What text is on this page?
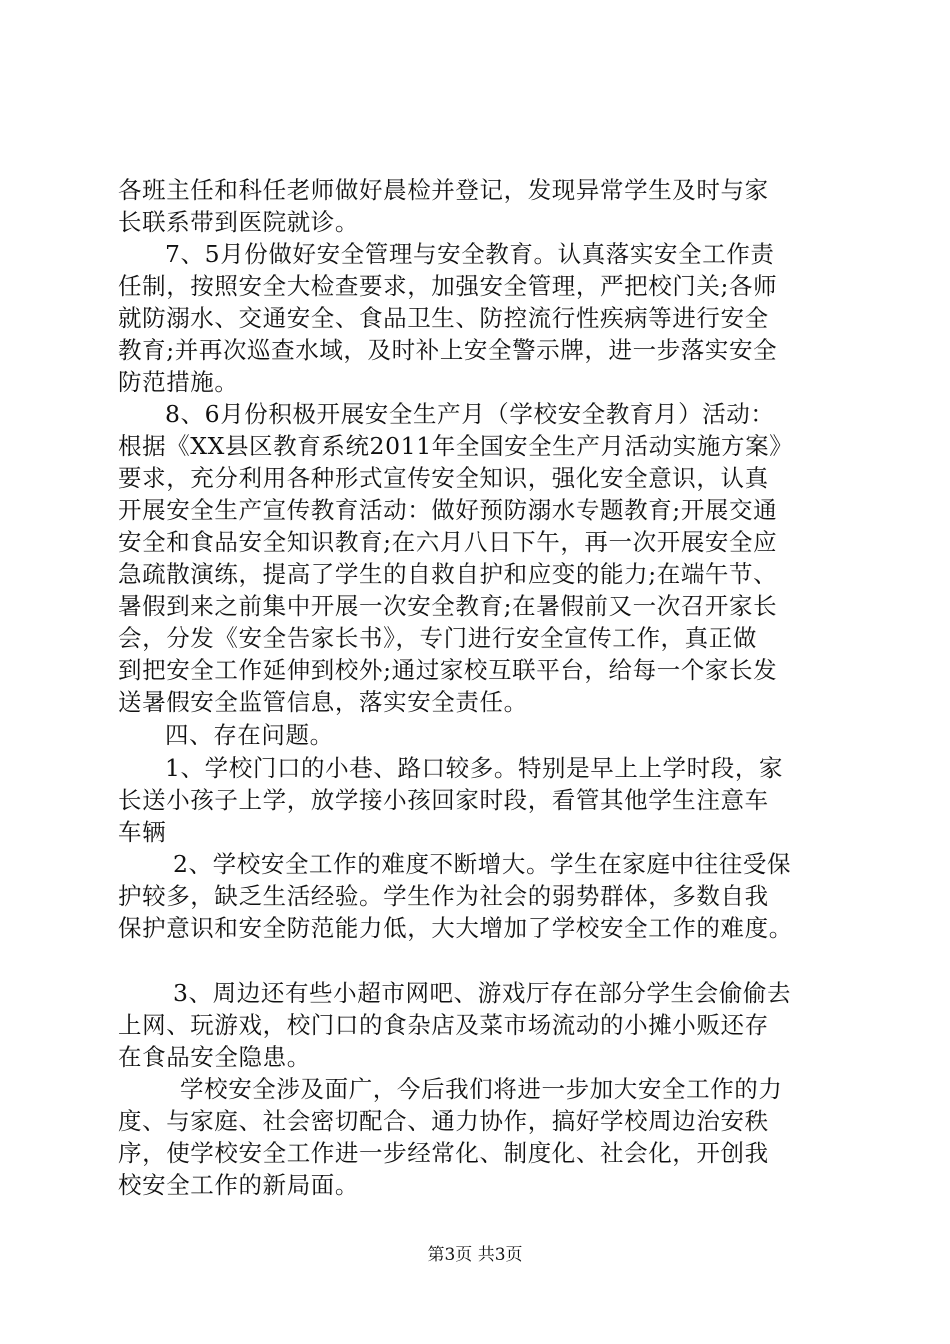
各班主任和科任老师做好晨检并登记，发现异常学生及时与家
长联系带到医院就诊。
7、5月份做好安全管理与安全教育。认真落实安全工作责
任制，按照安全大检查要求，加强安全管理，严把校门关;各师
就防溺水、交通安全、食品卫生、防控流行性疾病等进行安全
教育;并再次巡查水域，及时补上安全警示牌，进一步落实安全
防范措施。
8、6月份积极开展安全生产月（学校安全教育月）活动：
根据《XX县区教育系统2011年全国安全生产月活动实施方案》
要求，充分利用各种形式宣传安全知识，强化安全意识，认真
开展安全生产宣传教育活动：做好预防溺水专题教育;开展交通
安全和食品安全知识教育;在六月八日下午，再一次开展安全应
急疏散演练，提高了学生的自救自护和应变的能力;在端午节、
暑假到来之前集中开展一次安全教育;在暑假前又一次召开家长
会，分发《安全告家长书》，专门进行安全宣传工作，真正做
到把安全工作延伸到校外;通过家校互联平台，给每一个家长发
送暑假安全监管信息，落实安全责任。
四、存在问题。
1、学校门口的小巷、路口较多。特别是早上上学时段，家
长送小孩子上学，放学接小孩回家时段，看管其他学生注意车
车辆
2、学校安全工作的难度不断增大。学生在家庭中往往受保
护较多，缺乏生活经验。学生作为社会的弱势群体，多数自我
保护意识和安全防范能力低，大大增加了学校安全工作的难度。
3、周边还有些小超市网吧、游戏厅存在部分学生会偷偷去
上网、玩游戏，校门口的食杂店及菜市场流动的小摊小贩还存
在食品安全隐患。
学校安全涉及面广，今后我们将进一步加大安全工作的力
度、与家庭、社会密切配合、通力协作，搞好学校周边治安秩
序，使学校安全工作进一步经常化、制度化、社会化，开创我
校安全工作的新局面。
第3页 共3页
